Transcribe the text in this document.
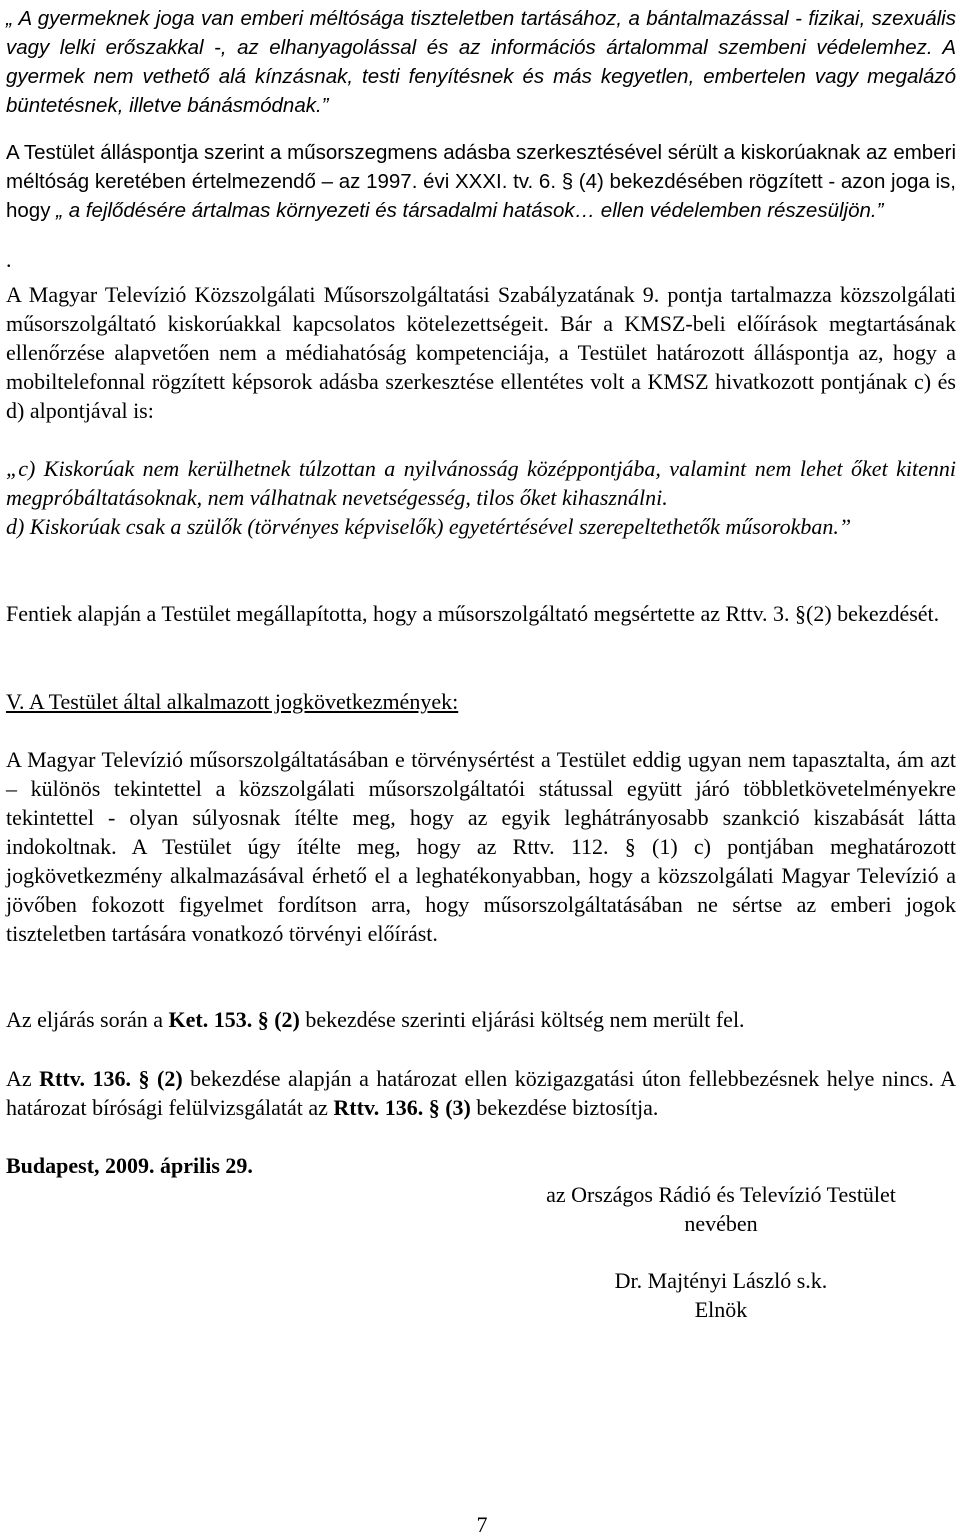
„ A gyermeknek joga van emberi méltósága tiszteletben tartásához, a bántalmazással - fizikai, szexuális vagy lelki erőszakkal -, az elhanyagolással és az információs ártalommal szembeni védelemhez. A gyermek nem vethető alá kínzásnak, testi fenyítésnek és más kegyetlen, embertelen vagy megalázó büntetésnek, illetve bánásmódnak.”
A Testület álláspontja szerint a műsorszegmens adásba szerkesztésével sérült a kiskorúaknak az emberi méltóság keretében értelmezendő – az 1997. évi XXXI. tv. 6. § (4) bekezdésében rögzített - azon joga is, hogy „ a fejlődésére ártalmas környezeti és társadalmi hatások… ellen védelemben részesüljön.”
.
A Magyar Televízió Közszolgálati Műsorszolgáltatási Szabályzatának 9. pontja tartalmazza közszolgálati műsorszolgáltató kiskorúakkal kapcsolatos kötelezettségeit. Bár a KMSZ-beli előírások megtartásának ellenőrzése alapvetően nem a médiahatóság kompetenciája, a Testület határozott álláspontja az, hogy a mobiltelefonnal rögzített képsorok adásba szerkesztése ellentétes volt a KMSZ hivatkozott pontjának c) és d) alpontjával is:

„c) Kiskorúak nem kerülhetnek túlzottan a nyilvánosság középpontjába, valamint nem lehet őket kitenni megpróbáltatásoknak, nem válhatnak nevetségesség, tilos őket kihasználni.

d) Kiskorúak csak a szülők (törvényes képviselők) egyetértésével szerepeltethetők műsorokban.”

Fentiek alapján a Testület megállapította, hogy a műsorszolgáltató megsértette az Rttv. 3. §(2) bekezdését.
V. A Testület által alkalmazott jogkövetkezmények:
A Magyar Televízió műsorszolgáltatásában e törvénysértést a Testület eddig ugyan nem tapasztalta, ám azt – különös tekintettel a közszolgálati műsorszolgáltatói státussal együtt járó többletkövetelményekre tekintettel - olyan súlyosnak ítélte meg, hogy az egyik leghátrányosabb szankció kiszabását látta indokoltnak. A Testület úgy ítélte meg, hogy az Rttv. 112. § (1) c) pontjában meghatározott jogkövetkezmény alkalmazásával érhető el a leghatékonyabban, hogy a közszolgálati Magyar Televízió a jövőben fokozott figyelmet fordítson arra, hogy műsorszolgáltatásában ne sértse az emberi jogok tiszteletben tartására vonatkozó törvényi előírást.
Az eljárás során a Ket. 153. § (2) bekezdése szerinti eljárási költség nem merült fel.
Az Rttv. 136. § (2) bekezdése alapján a határozat ellen közigazgatási úton fellebbezésnek helye nincs. A határozat bírósági felülvizsgálatát az Rttv. 136. § (3) bekezdése biztosítja.
Budapest, 2009. április 29.

az Országos Rádió és Televízió Testület

nevében

Dr. Majtényi László s.k.

Elnök

7
